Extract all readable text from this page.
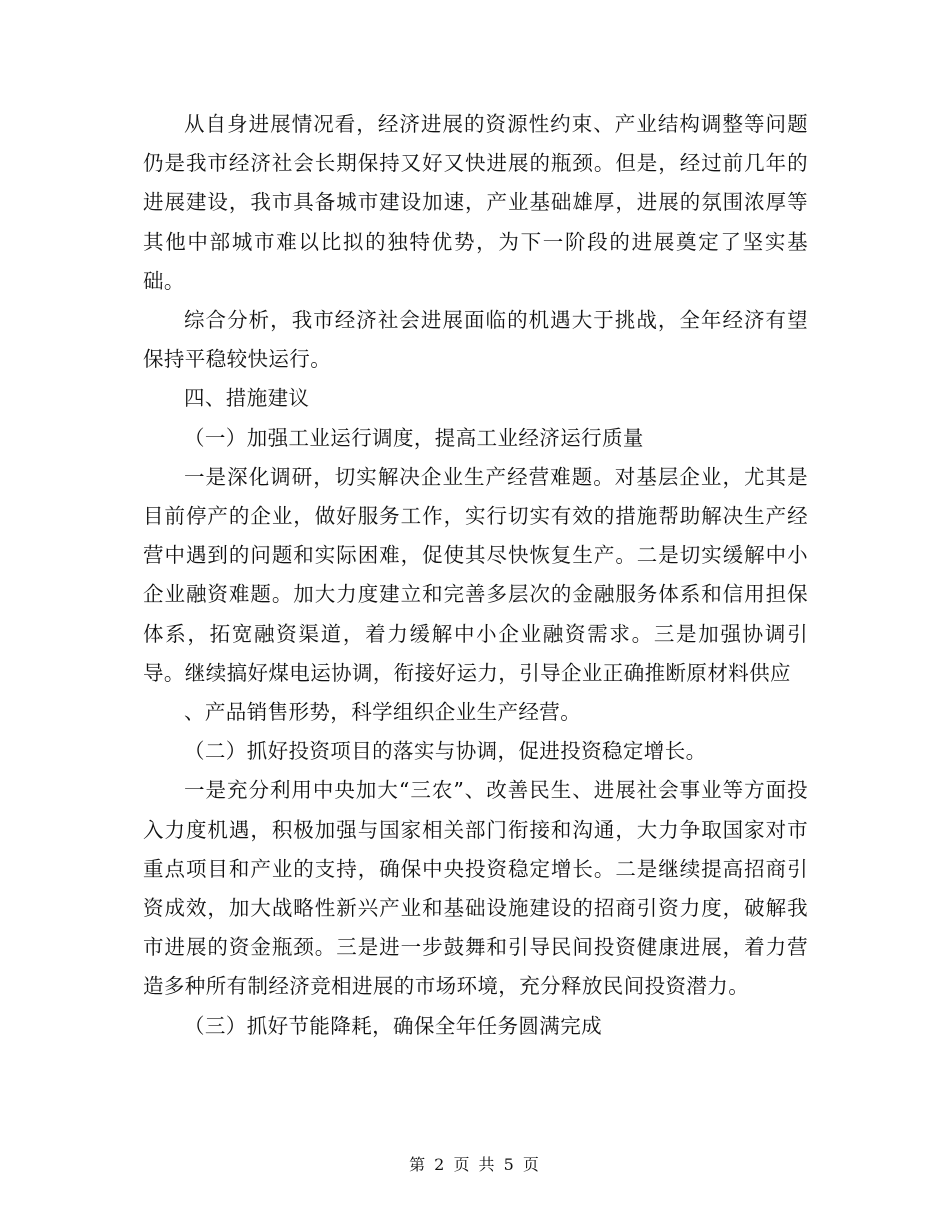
从自身进展情况看，经济进展的资源性约束、产业结构调整等问题仍是我市经济社会长期保持又好又快进展的瓶颈。但是，经过前几年的进展建设，我市具备城市建设加速，产业基础雄厚，进展的氛围浓厚等其他中部城市难以比拟的独特优势，为下一阶段的进展奠定了坚实基础。

综合分析，我市经济社会进展面临的机遇大于挑战，全年经济有望保持平稳较快运行。

四、措施建议

（一）加强工业运行调度，提高工业经济运行质量

一是深化调研，切实解决企业生产经营难题。对基层企业，尤其是目前停产的企业，做好服务工作，实行切实有效的措施帮助解决生产经营中遇到的问题和实际困难，促使其尽快恢复生产。二是切实缓解中小企业融资难题。加大力度建立和完善多层次的金融服务体系和信用担保体系，拓宽融资渠道，着力缓解中小企业融资需求。三是加强协调引导。继续搞好煤电运协调，衔接好运力，引导企业正确推断原材料供应

、产品销售形势，科学组织企业生产经营。

（二）抓好投资项目的落实与协调，促进投资稳定增长。

一是充分利用中央加大“三农”、改善民生、进展社会事业等方面投入力度机遇，积极加强与国家相关部门衔接和沟通，大力争取国家对市重点项目和产业的支持，确保中央投资稳定增长。二是继续提高招商引资成效，加大战略性新兴产业和基础设施建设的招商引资力度，破解我市进展的资金瓶颈。三是进一步鼓舞和引导民间投资健康进展，着力营造多种所有制经济竞相进展的市场环境，充分释放民间投资潜力。

（三）抓好节能降耗，确保全年任务圆满完成

第 2 页 共 5 页
